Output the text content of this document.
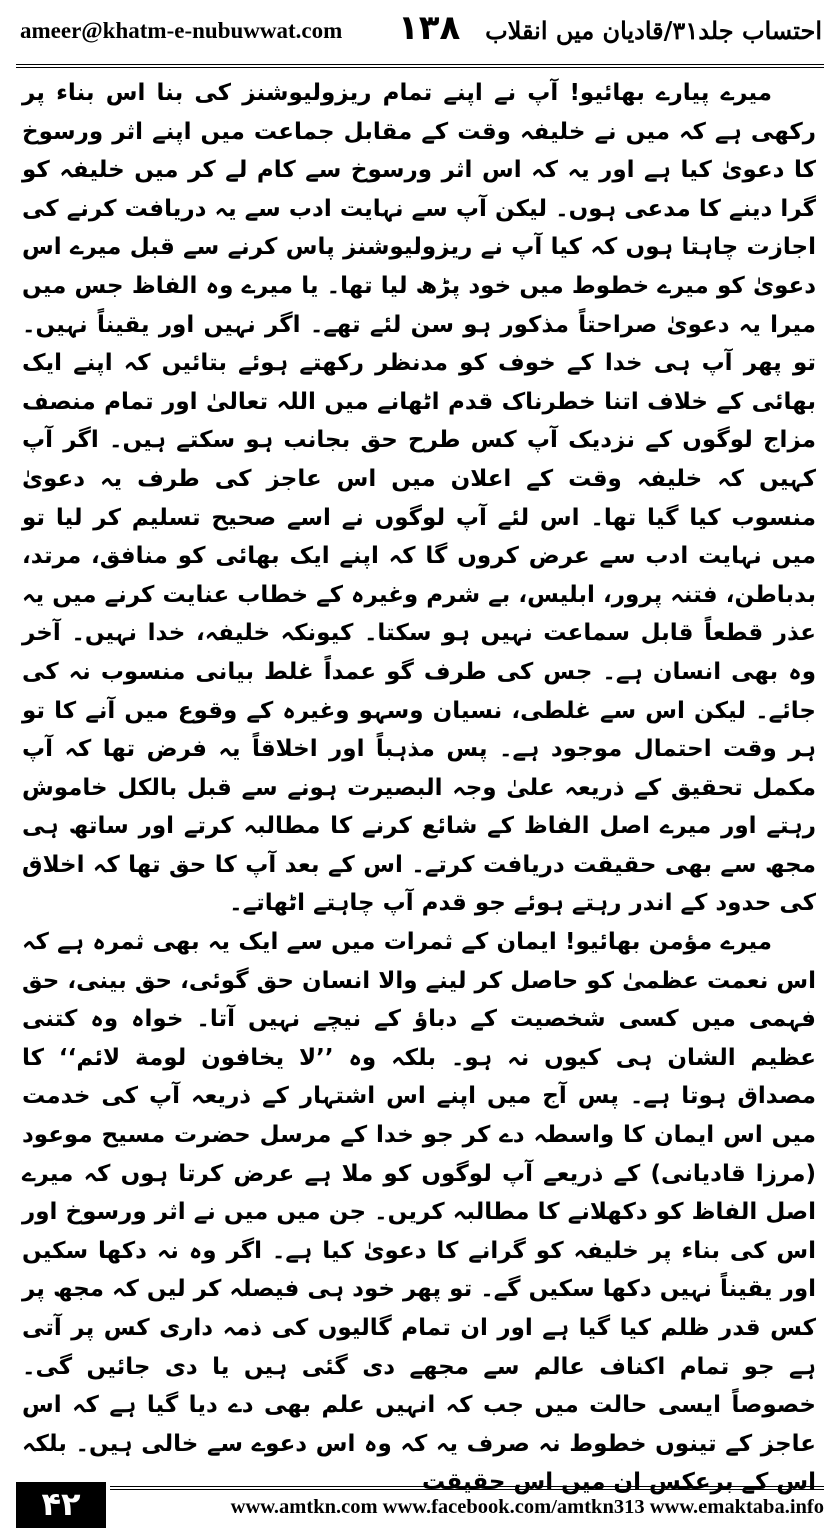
ameer@khatm-e-nubuwwat.com ۱۳۸ احتساب جلد۳۱/قادیان میں انقلاب

میرے پیارے بھائیو! آپ نے اپنے تمام ریزولیوشنز کی بنا اس بناء پر رکھی ہے کہ میں نے خلیفہ وقت کے مقابل جماعت میں اپنے اثر ورسوخ کا دعویٰ کیا ہے اور یہ کہ اس اثر ورسوخ سے کام لے کر میں خلیفہ کو گرا دینے کا مدعی ہوں۔ لیکن آپ سے نہایت ادب سے یہ دریافت کرنے کی اجازت چاہتا ہوں کہ کیا آپ نے ریزولیوشنز پاس کرنے سے قبل میرے اس دعویٰ کو میرے خطوط میں خود پڑھ لیا تھا۔ یا میرے وہ الفاظ جس میں میرا یہ دعویٰ صراحتاً مذکور ہو سن لئے تھے۔ اگر نہیں اور یقیناً نہیں۔ تو پھر آپ ہی خدا کے خوف کو مدنظر رکھتے ہوئے بتائیں کہ اپنے ایک بھائی کے خلاف اتنا خطرناک قدم اٹھانے میں اللہ تعالیٰ اور تمام منصف مزاج لوگوں کے نزدیک آپ کس طرح حق بجانب ہو سکتے ہیں۔ اگر آپ کہیں کہ خلیفہ وقت کے اعلان میں اس عاجز کی طرف یہ دعویٰ منسوب کیا گیا تھا۔ اس لئے آپ لوگوں نے اسے صحیح تسلیم کر لیا تو میں نہایت ادب سے عرض کروں گا کہ اپنے ایک بھائی کو منافق، مرتد، بدباطن، فتنہ پرور، ابلیس، بے شرم وغیرہ کے خطاب عنایت کرنے میں یہ عذر قطعاً قابل سماعت نہیں ہو سکتا۔ کیونکہ خلیفہ، خدا نہیں۔ آخر وہ بھی انسان ہے۔ جس کی طرف گو عمداً غلط بیانی منسوب نہ کی جائے۔ لیکن اس سے غلطی، نسیان وسہو وغیرہ کے وقوع میں آنے کا تو ہر وقت احتمال موجود ہے۔ پس مذہباً اور اخلاقاً یہ فرض تھا کہ آپ مکمل تحقیق کے ذریعہ علیٰ وجہ البصیرت ہونے سے قبل بالکل خاموش رہتے اور میرے اصل الفاظ کے شائع کرنے کا مطالبہ کرتے اور ساتھ ہی مجھ سے بھی حقیقت دریافت کرتے۔ اس کے بعد آپ کا حق تھا کہ اخلاق کی حدود کے اندر رہتے ہوئے جو قدم آپ چاہتے اٹھاتے۔

میرے مؤمن بھائیو! ایمان کے ثمرات میں سے ایک یہ بھی ثمرہ ہے کہ اس نعمت عظمیٰ کو حاصل کر لینے والا انسان حق گوئی، حق بینی، حق فہمی میں کسی شخصیت کے دباؤ کے نیچے نہیں آتا۔ خواہ وہ کتنی عظیم الشان ہی کیوں نہ ہو۔ بلکہ وہ ’’لا یخافون لومة لائم‘‘ کا مصداق ہوتا ہے۔ پس آج میں اپنے اس اشتہار کے ذریعہ آپ کی خدمت میں اس ایمان کا واسطہ دے کر جو خدا کے مرسل حضرت مسیح موعود (مرزا قادیانی) کے ذریعے آپ لوگوں کو ملا ہے عرض کرتا ہوں کہ میرے اصل الفاظ کو دکھلانے کا مطالبہ کریں۔ جن میں میں نے اثر ورسوخ اور اس کی بناء پر خلیفہ کو گرانے کا دعویٰ کیا ہے۔ اگر وہ نہ دکھا سکیں اور یقیناً نہیں دکھا سکیں گے۔ تو پھر خود ہی فیصلہ کر لیں کہ مجھ پر کس قدر ظلم کیا گیا ہے اور ان تمام گالیوں کی ذمہ داری کس پر آتی ہے جو تمام اکناف عالم سے مجھے دی گئی ہیں یا دی جائیں گی۔ خصوصاً ایسی حالت میں جب کہ انہیں علم بھی دے دیا گیا ہے کہ اس عاجز کے تینوں خطوط نہ صرف یہ کہ وہ اس دعوے سے خالی ہیں۔ بلکہ اس کے برعکس ان میں اس حقیقت

۴۲	www.amtkn.com www.facebook.com/amtkn313 www.emaktaba.info
